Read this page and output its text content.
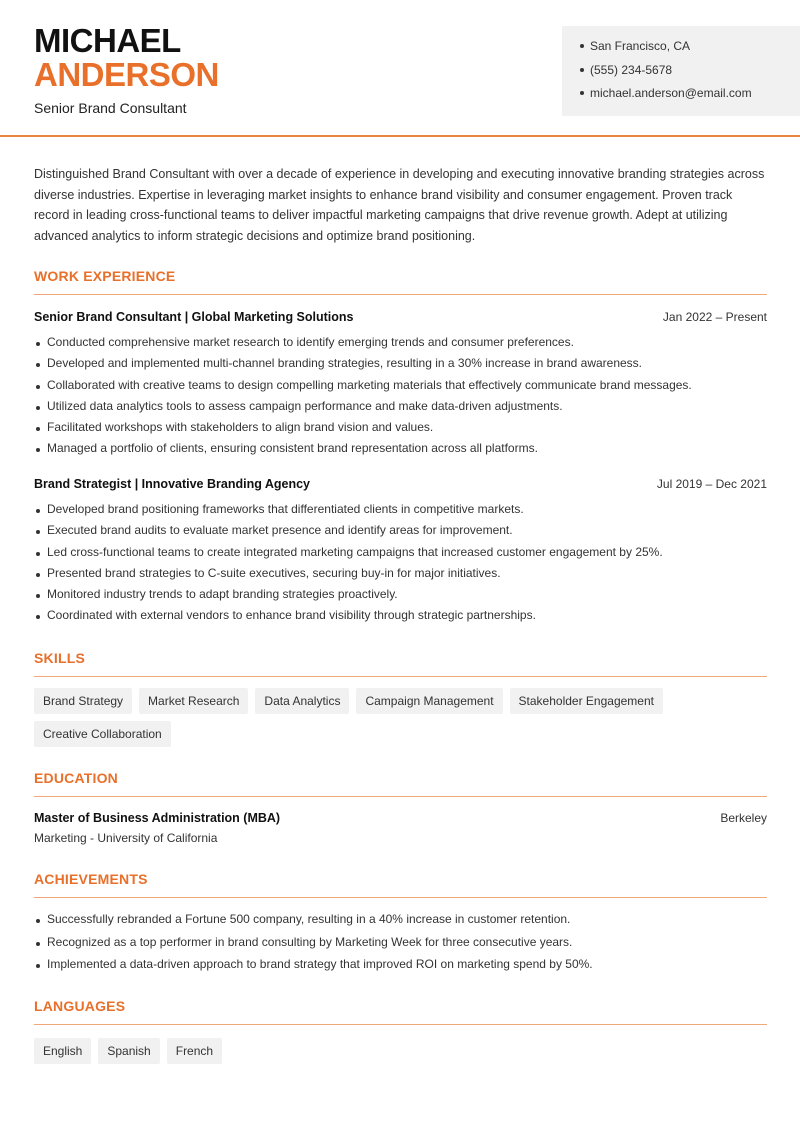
MICHAEL
ANDERSON
Senior Brand Consultant
San Francisco, CA
(555) 234-5678
michael.anderson@email.com

Distinguished Brand Consultant with over a decade of experience in developing and executing innovative branding strategies across diverse industries. Expertise in leveraging market insights to enhance brand visibility and consumer engagement. Proven track record in leading cross-functional teams to deliver impactful marketing campaigns that drive revenue growth. Adept at utilizing advanced analytics to inform strategic decisions and optimize brand positioning.

WORK EXPERIENCE
Senior Brand Consultant | Global Marketing Solutions	Jan 2022 – Present
Conducted comprehensive market research to identify emerging trends and consumer preferences.
Developed and implemented multi-channel branding strategies, resulting in a 30% increase in brand awareness.
Collaborated with creative teams to design compelling marketing materials that effectively communicate brand messages.
Utilized data analytics tools to assess campaign performance and make data-driven adjustments.
Facilitated workshops with stakeholders to align brand vision and values.
Managed a portfolio of clients, ensuring consistent brand representation across all platforms.
Brand Strategist | Innovative Branding Agency	Jul 2019 – Dec 2021
Developed brand positioning frameworks that differentiated clients in competitive markets.
Executed brand audits to evaluate market presence and identify areas for improvement.
Led cross-functional teams to create integrated marketing campaigns that increased customer engagement by 25%.
Presented brand strategies to C-suite executives, securing buy-in for major initiatives.
Monitored industry trends to adapt branding strategies proactively.
Coordinated with external vendors to enhance brand visibility through strategic partnerships.
SKILLS
Brand Strategy	Market Research	Data Analytics	Campaign Management	Stakeholder Engagement
Creative Collaboration
EDUCATION
Master of Business Administration (MBA)	Berkeley
Marketing - University of California
ACHIEVEMENTS
Successfully rebranded a Fortune 500 company, resulting in a 40% increase in customer retention.
Recognized as a top performer in brand consulting by Marketing Week for three consecutive years.
Implemented a data-driven approach to brand strategy that improved ROI on marketing spend by 50%.
LANGUAGES
English	Spanish	French
